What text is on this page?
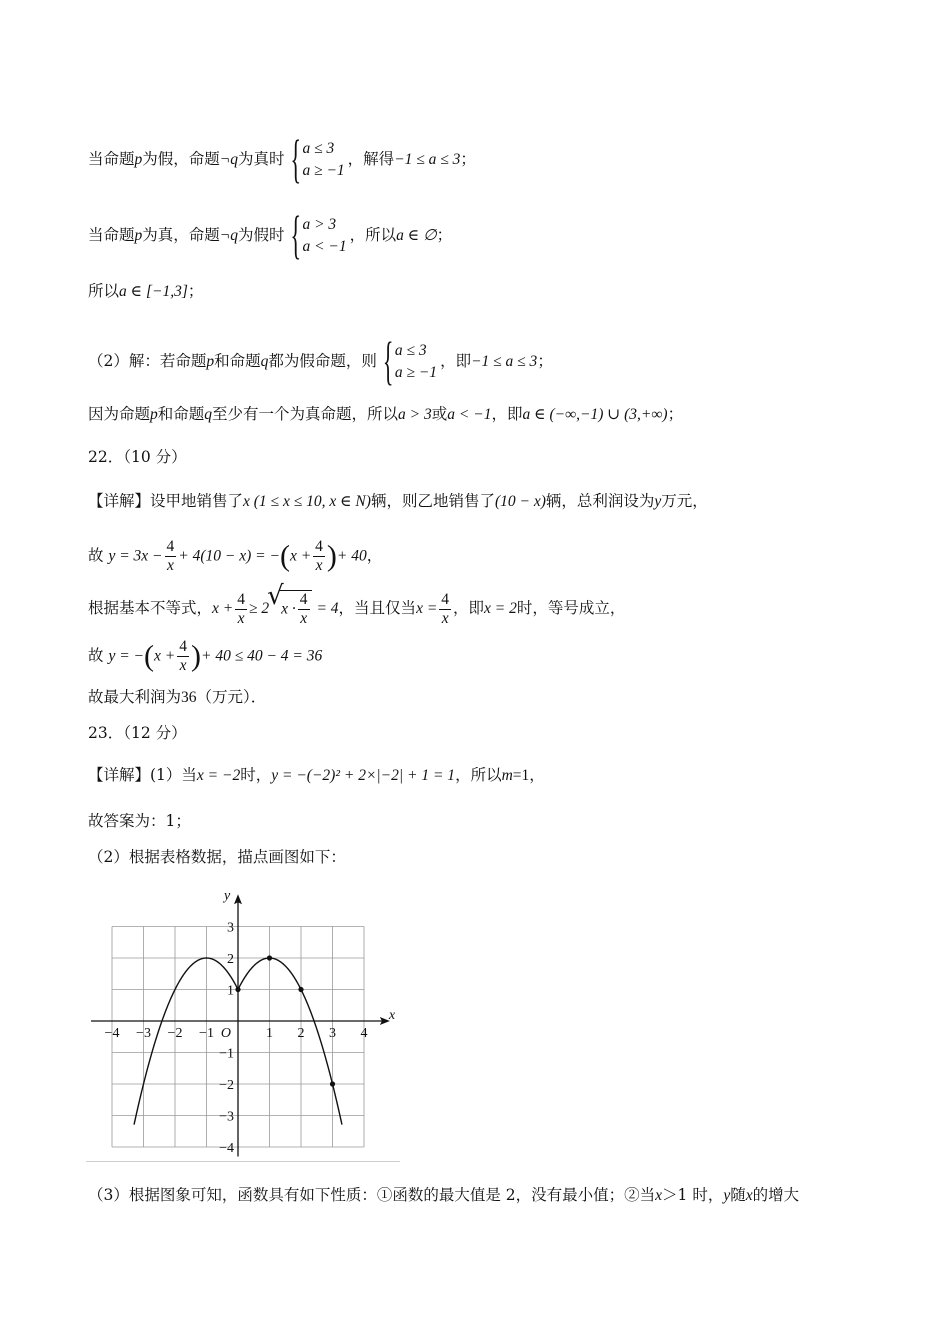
当命题p为假，命题¬q为真时
{ a ≤ 3
a ≥ −1
，解得−1 ≤ a ≤ 3；
当命题p为真，命题¬q为假时
{ a > 3
a < −1
，所以a ∈ ∅；
所以a ∈ [−1,3]；
（2）解：若命题p和命题q都为假命题，则
{ a ≤ 3
a ≥ −1
，即−1 ≤ a ≤ 3；
因为命题p和命题q至少有一个为真命题，所以a > 3或a < −1，即a ∈ (−∞,−1) ∪ (3,+∞)；
22．（10 分）
【详解】设甲地销售了x (1 ≤ x ≤ 10, x ∈ N)辆，则乙地销售了(10 − x)辆，总利润设为y万元，
故 $y = 3x - \frac{4}{x} + 4(10 - x) = -(x + \frac{4}{x}$ )+ 40，
根据基本不等式，$x + \frac{4}{x} \ge 2√$ $x \cdot \frac{4}{x} = 4$，当且仅当$x = \frac{4}{x}$ ，即x = 2时，等号成立，
故 $y = -(x + \frac{4}{x}$ )+ 40 ≤ 40 − 4 = 36
故最大利润为36（万元）．
23．（12 分）
【详解】(1）当x = −2时，y = −(−2)² + 2×|−2| + 1 = 1，所以m=1，
故答案为：1；
（2）根据表格数据，描点画图如下：
−4 −3 −2 −1	1 2 3 4
3
2
1
−1
−2
−3
−4
O
x
y
（3）根据图象可知，函数具有如下性质：①函数的最大值是 2，没有最小值；②当x＞1 时，y随x的增大
